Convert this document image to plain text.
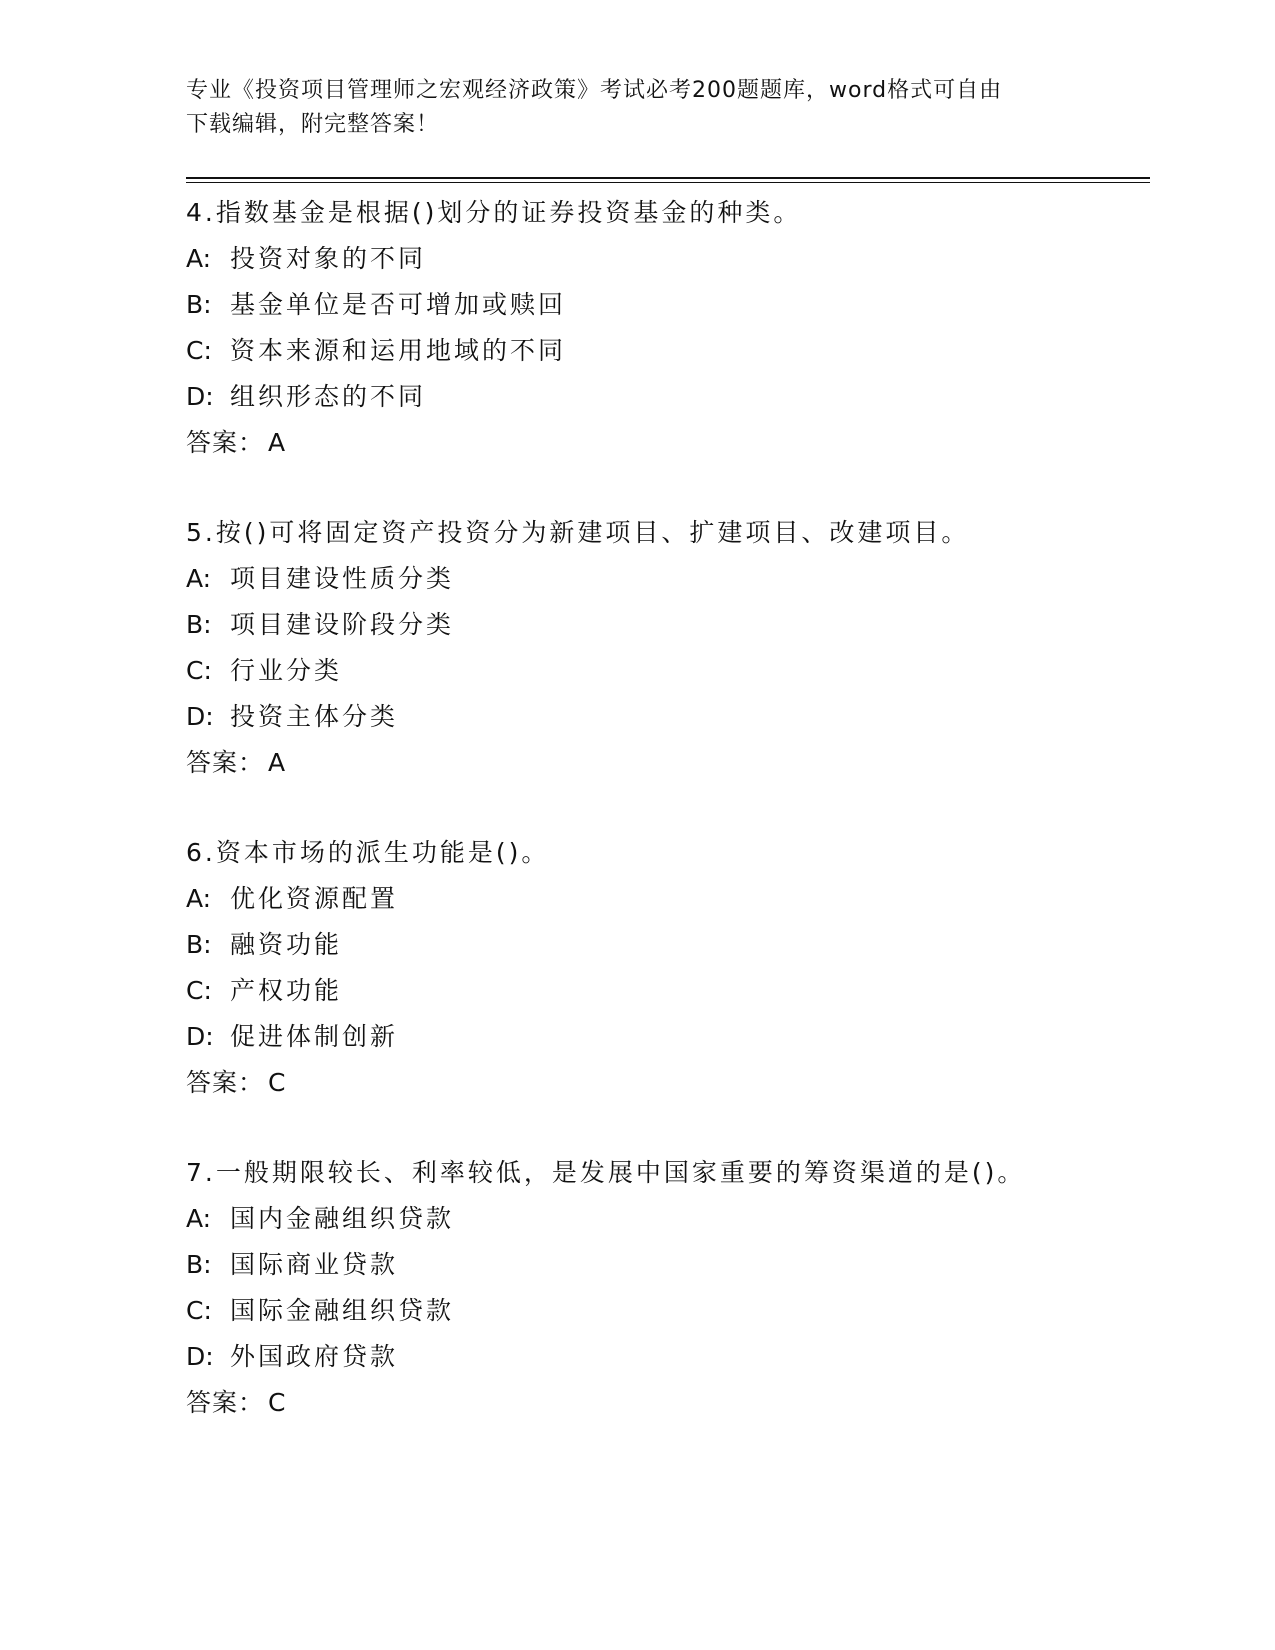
专业《投资项目管理师之宏观经济政策》考试必考200题题库，word格式可自由
下载编辑，附完整答案！
4.指数基金是根据()划分的证券投资基金的种类。
A: 投资对象的不同
B: 基金单位是否可增加或赎回
C: 资本来源和运用地域的不同
D: 组织形态的不同
答案： A
5.按()可将固定资产投资分为新建项目、扩建项目、改建项目。
A: 项目建设性质分类
B: 项目建设阶段分类
C: 行业分类
D: 投资主体分类
答案： A
6.资本市场的派生功能是()。
A: 优化资源配置
B: 融资功能
C: 产权功能
D: 促进体制创新
答案： C
7.一般期限较长、利率较低，是发展中国家重要的筹资渠道的是()。
A: 国内金融组织贷款
B: 国际商业贷款
C: 国际金融组织贷款
D: 外国政府贷款
答案： C
